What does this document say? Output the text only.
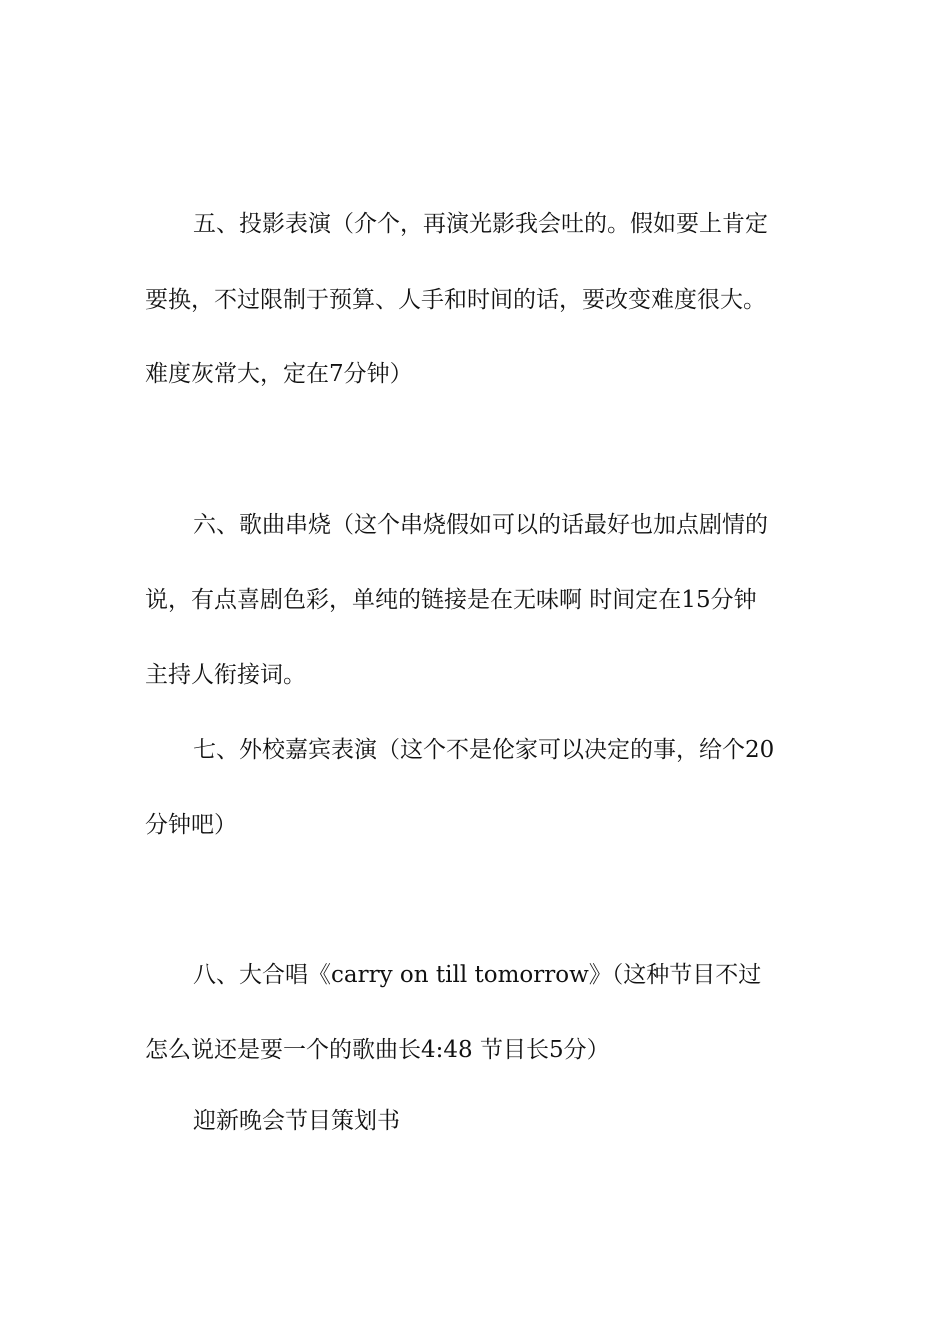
五、投影表演（介个，再演光影我会吐的。假如要上肯定
要换，不过限制于预算、人手和时间的话，要改变难度很大。
难度灰常大，定在7分钟）
六、歌曲串烧（这个串烧假如可以的话最好也加点剧情的
说，有点喜剧色彩，单纯的链接是在无味啊 时间定在15分钟
主持人衔接词。
七、外校嘉宾表演（这个不是伦家可以决定的事，给个20
分钟吧）
八、大合唱《carry on till tomorrow》（这种节目不过
怎么说还是要一个的歌曲长4:48 节目长5分）
迎新晚会节目策划书
